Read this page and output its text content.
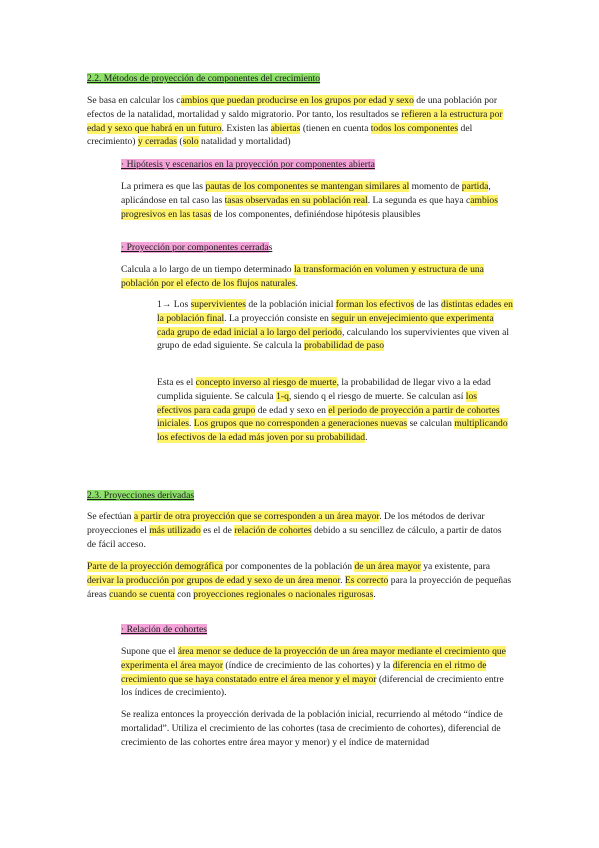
2.2. Métodos de proyección de componentes del crecimiento

Se basa en calcular los cambios que puedan producirse en los grupos por edad y sexo de una población por efectos de la natalidad, mortalidad y saldo migratorio. Por tanto, los resultados se refieren a la estructura por edad y sexo que habrá en un futuro. Existen las abiertas (tienen en cuenta todos los componentes del crecimiento) y cerradas (solo natalidad y mortalidad)

· Hipótesis y escenarios en la proyección por componentes abierta

La primera es que las pautas de los componentes se mantengan similares al momento de partida, aplicándose en tal caso las tasas observadas en su población real. La segunda es que haya cambios progresivos en las tasas de los componentes, definiéndose hipótesis plausibles

· Proyección por componentes cerradas

Calcula a lo largo de un tiempo determinado la transformación en volumen y estructura de una población por el efecto de los flujos naturales.

1→ Los supervivientes de la población inicial forman los efectivos de las distintas edades en la población final. La proyección consiste en seguir un envejecimiento que experimenta cada grupo de edad inicial a lo largo del periodo, calculando los supervivientes que viven al grupo de edad siguiente. Se calcula la probabilidad de paso

Esta es el concepto inverso al riesgo de muerte, la probabilidad de llegar vivo a la edad cumplida siguiente. Se calcula 1-q, siendo q el riesgo de muerte. Se calculan así los efectivos para cada grupo de edad y sexo en el periodo de proyección a partir de cohortes iniciales. Los grupos que no corresponden a generaciones nuevas se calculan multiplicando los efectivos de la edad más joven por su probabilidad.

2.3. Proyecciones derivadas

Se efectúan a partir de otra proyección que se corresponden a un área mayor. De los métodos de derivar proyecciones el más utilizado es el de relación de cohortes debido a su sencillez de cálculo, a partir de datos de fácil acceso.

Parte de la proyección demográfica por componentes de la población de un área mayor ya existente, para derivar la producción por grupos de edad y sexo de un área menor. Es correcto para la proyección de pequeñas áreas cuando se cuenta con proyecciones regionales o nacionales rigurosas.

· Relación de cohortes

Supone que el área menor se deduce de la proyección de un área mayor mediante el crecimiento que experimenta el área mayor (índice de crecimiento de las cohortes) y la diferencia en el ritmo de crecimiento que se haya constatado entre el área menor y el mayor (diferencial de crecimiento entre los índices de crecimiento).

Se realiza entonces la proyección derivada de la población inicial, recurriendo al método “índice de mortalidad”. Utiliza el crecimiento de las cohortes (tasa de crecimiento de cohortes), diferencial de crecimiento de las cohortes entre área mayor y menor) y el índice de maternidad
